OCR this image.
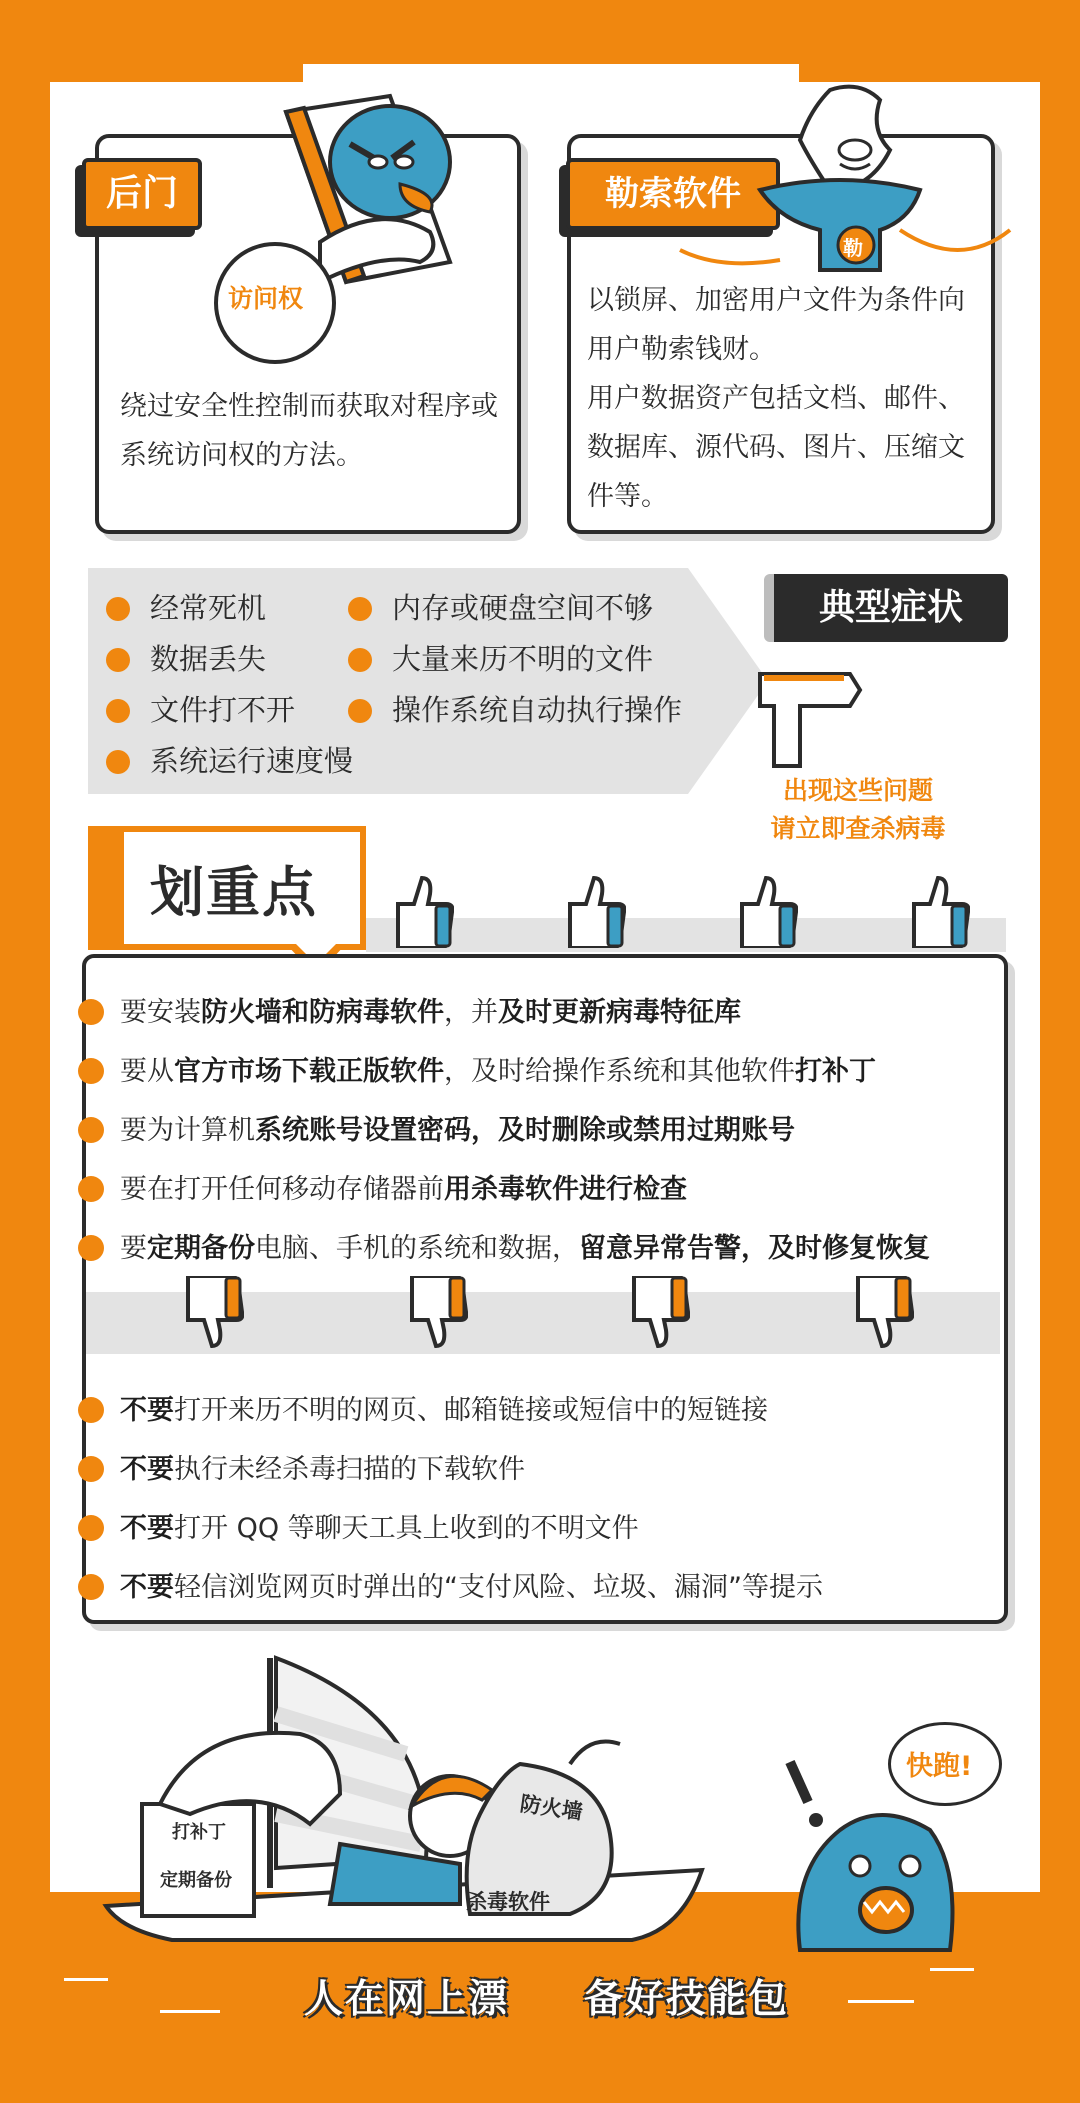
后门
访问权
绕过安全性控制而获取对程序或系统访问权的方法。
勒索软件
勒
以锁屏、加密用户文件为条件向用户勒索钱财。
用户数据资产包括文档、邮件、数据库、源代码、图片、压缩文件等。
经常死机
数据丢失
文件打不开
系统运行速度慢
内存或硬盘空间不够
大量来历不明的文件
操作系统自动执行操作
典型症状
出现这些问题
请立即查杀病毒
划重点
要安装防火墙和防病毒软件，并及时更新病毒特征库
要从官方市场下载正版软件，及时给操作系统和其他软件打补丁
要为计算机系统账号设置密码，及时删除或禁用过期账号
要在打开任何移动存储器前用杀毒软件进行检查
要定期备份电脑、手机的系统和数据，留意异常告警，及时修复恢复
不要打开来历不明的网页、邮箱链接或短信中的短链接
不要执行未经杀毒扫描的下载软件
不要打开 QQ 等聊天工具上收到的不明文件
不要轻信浏览网页时弹出的“支付风险、垃圾、漏洞”等提示
打补丁
定期备份
防火墙
杀毒软件
快跑!
人在网上漂 备好技能包
